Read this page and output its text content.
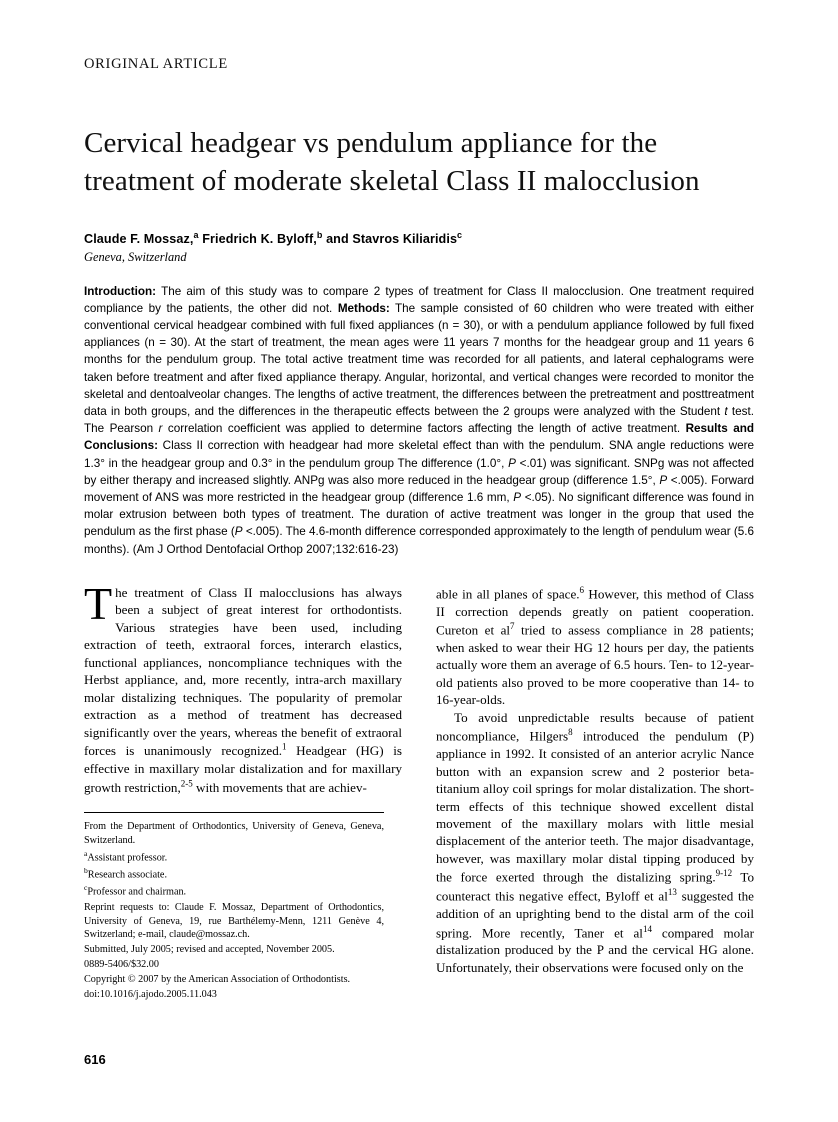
ORIGINAL ARTICLE
Cervical headgear vs pendulum appliance for the treatment of moderate skeletal Class II malocclusion
Claude F. Mossaz,$^a$ Friedrich K. Byloff,$^b$ and Stavros Kiliaridis$^c$
Geneva, Switzerland
Introduction: The aim of this study was to compare 2 types of treatment for Class II malocclusion. One treatment required compliance by the patients, the other did not. Methods: The sample consisted of 60 children who were treated with either conventional cervical headgear combined with full fixed appliances (n = 30), or with a pendulum appliance followed by full fixed appliances (n = 30). At the start of treatment, the mean ages were 11 years 7 months for the headgear group and 11 years 6 months for the pendulum group. The total active treatment time was recorded for all patients, and lateral cephalograms were taken before treatment and after fixed appliance therapy. Angular, horizontal, and vertical changes were recorded to monitor the skeletal and dentoalveolar changes. The lengths of active treatment, the differences between the pretreatment and posttreatment data in both groups, and the differences in the therapeutic effects between the 2 groups were analyzed with the Student t test. The Pearson r correlation coefficient was applied to determine factors affecting the length of active treatment. Results and Conclusions: Class II correction with headgear had more skeletal effect than with the pendulum. SNA angle reductions were 1.3° in the headgear group and 0.3° in the pendulum group The difference (1.0°, P <.01) was significant. SNPg was not affected by either therapy and increased slightly. ANPg was also more reduced in the headgear group (difference 1.5°, P <.005). Forward movement of ANS was more restricted in the headgear group (difference 1.6 mm, P <.05). No significant difference was found in molar extrusion between both types of treatment. The duration of active treatment was longer in the group that used the pendulum as the first phase (P <.005). The 4.6-month difference corresponded approximately to the length of pendulum wear (5.6 months). (Am J Orthod Dentofacial Orthop 2007;132:616-23)
The treatment of Class II malocclusions has always been a subject of great interest for orthodontists. Various strategies have been used, including extraction of teeth, extraoral forces, interarch elastics, functional appliances, noncompliance techniques with the Herbst appliance, and, more recently, intra-arch maxillary molar distalizing techniques. The popularity of premolar extraction as a method of treatment has decreased significantly over the years, whereas the benefit of extraoral forces is unanimously recognized.$^1$ Headgear (HG) is effective in maxillary molar distalization and for maxillary growth restriction,$^{2-5}$ with movements that are achiev-

From the Department of Orthodontics, University of Geneva, Geneva, Switzerland.

$^a$Assistant professor.

$^b$Research associate.

$^c$Professor and chairman.

Reprint requests to: Claude F. Mossaz, Department of Orthodontics, University of Geneva, 19, rue Barthélemy-Menn, 1211 Genève 4, Switzerland; e-mail, claude@mossaz.ch.

Submitted, July 2005; revised and accepted, November 2005.

0889-5406/$32.00

Copyright © 2007 by the American Association of Orthodontists.

doi:10.1016/j.ajodo.2005.11.043

able in all planes of space.$^6$ However, this method of Class II correction depends greatly on patient cooperation. Cureton et $al^7$ tried to assess compliance in 28 patients; when asked to wear their HG 12 hours per day, the patients actually wore them an average of 6.5 hours. Ten- to 12-year-old patients also proved to be more cooperative than 14- to 16-year-olds.

To avoid unpredictable results because of patient noncompliance, Hilgers$^8$ introduced the pendulum (P) appliance in 1992. It consisted of an anterior acrylic Nance button with an expansion screw and 2 posterior beta-titanium alloy coil springs for molar distalization. The short-term effects of this technique showed excellent distal movement of the maxillary molars with little mesial displacement of the anterior teeth. The major disadvantage, however, was maxillary molar distal tipping produced by the force exerted through the distalizing spring.$^{9-12}$ To counteract this negative effect, Byloff et $al^{13}$ suggested the addition of an uprighting bend to the distal arm of the coil spring. More recently, Taner et $al^{14}$ compared molar distalization produced by the P and the cervical HG alone. Unfortunately, their observations were focused only on the

616
